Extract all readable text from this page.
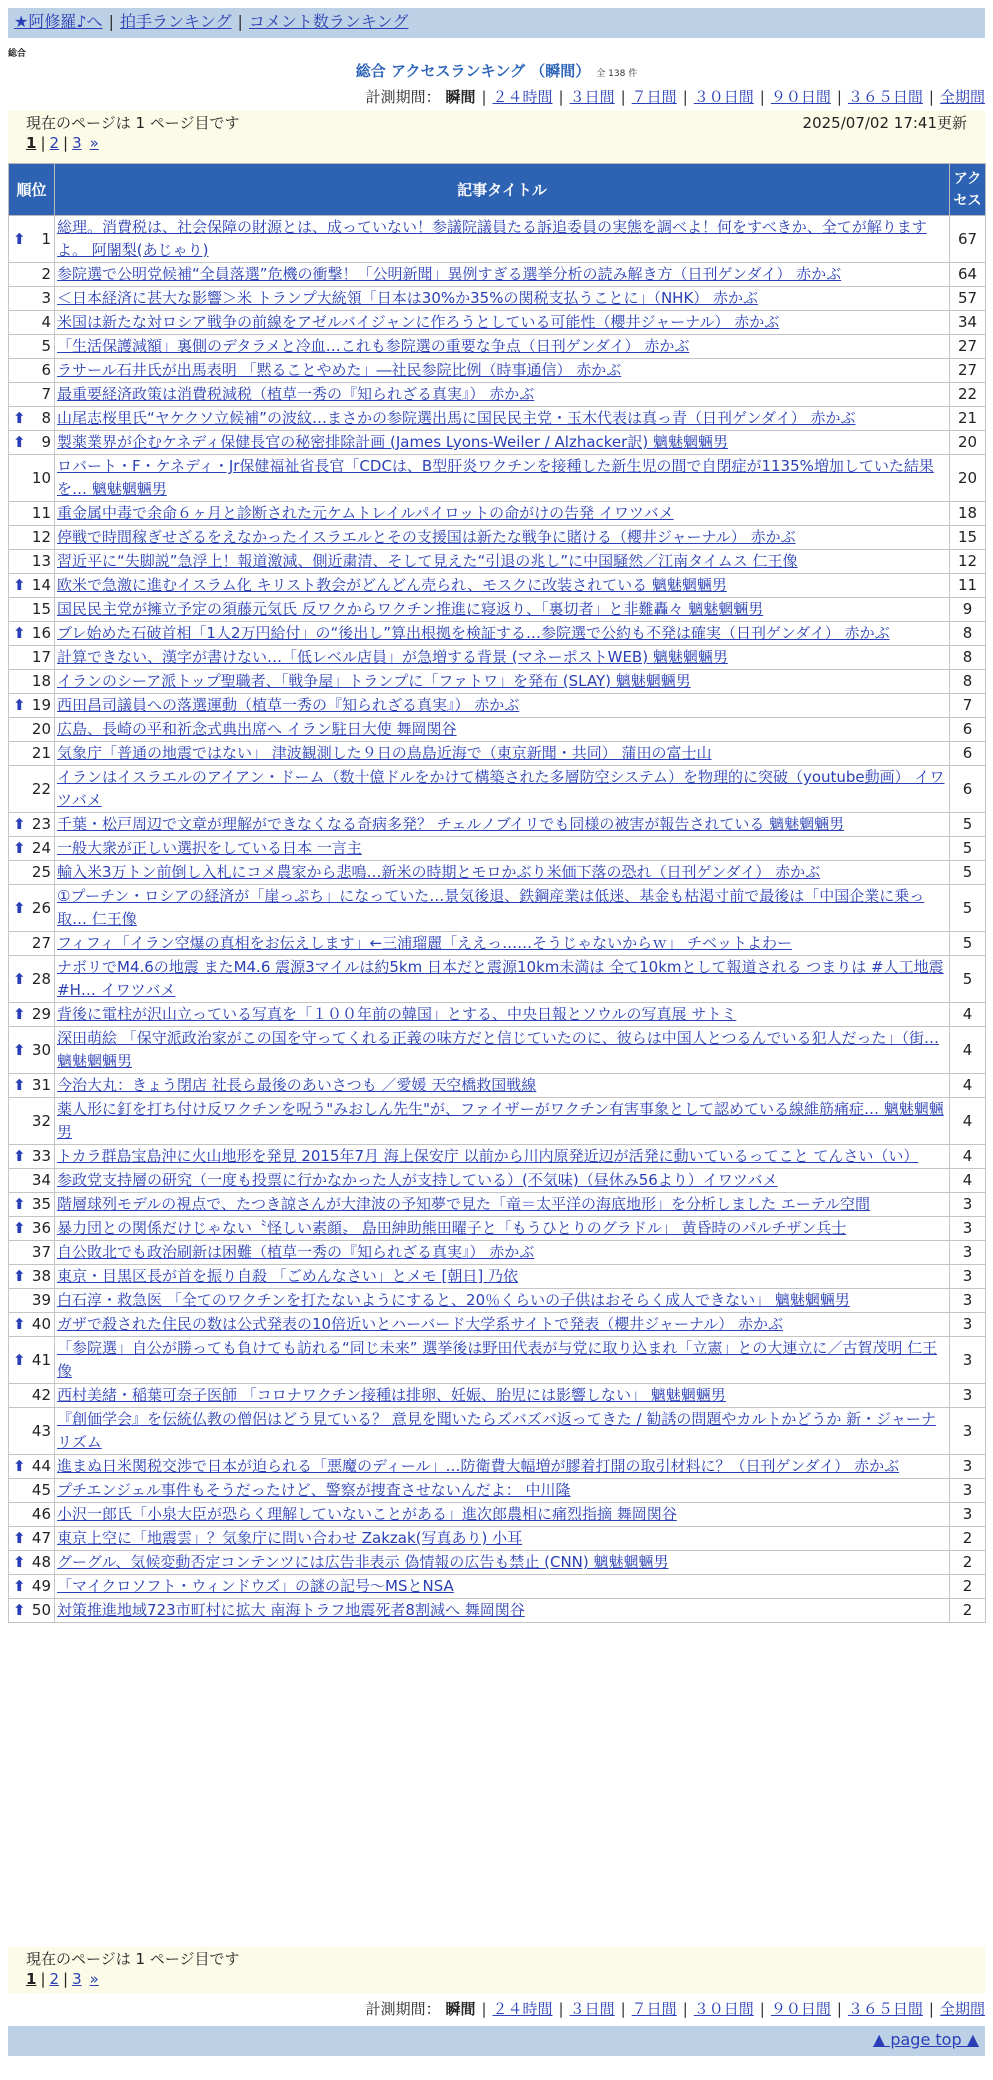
★阿修羅♪へ | 拍手ランキング | コメント数ランキング
総合
総合 アクセスランキング （瞬間） 全 138 件
計測期間： 瞬間 | ２４時間 | ３日間 | ７日間 | ３０日間 | ９０日間 | ３６５日間 | 全期間
現在のページは 1 ページ目です	2025/07/02 17:41更新
1 | 2 | 3 »
順位	記事タイトル	アクセス

⬆ 1	総理。消費税は、社会保障の財源とは、成っていない！参議院議員たる訴追委員の実態を調べよ！何をすべきか、全てが解りますよ。 阿闍梨(あじゃり)	67
2	参院選で公明党候補“全員落選”危機の衝撃！「公明新聞」異例すぎる選挙分析の読み解き方（日刊ゲンダイ） 赤かぶ	64
3	＜日本経済に甚大な影響＞米 トランプ大統領「日本は30%か35%の関税支払うことに」（NHK） 赤かぶ	57
4	米国は新たな対ロシア戦争の前線をアゼルバイジャンに作ろうとしている可能性（櫻井ジャーナル） 赤かぶ	34
5	「生活保護減額」裏側のデタラメと冷血…これも参院選の重要な争点（日刊ゲンダイ） 赤かぶ	27
6	ラサール石井氏が出馬表明 「黙ることやめた」―社民参院比例（時事通信） 赤かぶ	27
7	最重要経済政策は消費税減税（植草一秀の『知られざる真実』） 赤かぶ	22

⬆ 8	山尾志桜里氏“ヤケクソ立候補”の波紋…まさかの参院選出馬に国民民主党・玉木代表は真っ青（日刊ゲンダイ） 赤かぶ	21

⬆ 9	製薬業界が企むケネディ保健長官の秘密排除計画 (James Lyons-Weiler / Alzhacker訳) 魑魅魍魎男	20
10	ロバート・F・ケネディ・Jr保健福祉省長官「CDCは、B型肝炎ワクチンを接種した新生児の間で自閉症が1135%増加していた結果を… 魑魅魍魎男	20
11	重金属中毒で余命６ヶ月と診断された元ケムトレイルパイロットの命がけの告発 イワツバメ	18
12	停戦で時間稼ぎせざるをえなかったイスラエルとその支援国は新たな戦争に賭ける（櫻井ジャーナル） 赤かぶ	15
13	習近平に“失脚説”急浮上！報道激減、側近粛清、そして見えた“引退の兆し”に中国騒然／江南タイムス 仁王像	12

⬆ 14	欧米で急激に進むイスラム化 キリスト教会がどんどん売られ、モスクに改装されている 魑魅魍魎男	11
15	国民民主党が擁立予定の須藤元気氏 反ワクからワクチン推進に寝返り、「裏切者」と非難轟々 魑魅魍魎男	9

⬆ 16	ブレ始めた石破首相「1人2万円給付」の“後出し”算出根拠を検証する…参院選で公約も不発は確実（日刊ゲンダイ） 赤かぶ	8
17	計算できない、漢字が書けない…「低レベル店員」が急増する背景 (マネーポストWEB) 魑魅魍魎男	8
18	イランのシーア派トップ聖職者、「戦争屋」トランプに「ファトワ」を発布 (SLAY) 魑魅魍魎男	8

⬆ 19	西田昌司議員への落選運動（植草一秀の『知られざる真実』） 赤かぶ	7
20	広島、長崎の平和祈念式典出席へ イラン駐日大使 舞岡関谷	6
21	気象庁「普通の地震ではない」 津波観測した９日の鳥島近海で（東京新聞・共同） 蒲田の富士山	6
22	イランはイスラエルのアイアン・ドーム（数十億ドルをかけて構築された多層防空システム）を物理的に突破（youtube動画） イワツバメ	6

⬆ 23	千葉・松戸周辺で文章が理解ができなくなる奇病多発？ チェルノブイリでも同様の被害が報告されている 魑魅魍魎男	5

⬆ 24	一般大衆が正しい選択をしている日本 一言主	5
25	輸入米3万トン前倒し入札にコメ農家から悲鳴…新米の時期とモロかぶり米価下落の恐れ（日刊ゲンダイ） 赤かぶ	5

⬆ 26	①プーチン・ロシアの経済が「崖っぷち」になっていた…景気後退、鉄鋼産業は低迷、基金も枯渇寸前で最後は「中国企業に乗っ取… 仁王像	5
27	フィフィ「イラン空爆の真相をお伝えします」←三浦瑠麗「ええっ……そうじゃないからｗ」 チベットよわー	5

⬆ 28	ナボリでM4.6の地震 またM4.6 震源3マイルは約5km 日本だと震源10km未満は 全て10kmとして報道される つまりは #人工地震 #H… イワツバメ	5

⬆ 29	背後に電柱が沢山立っている写真を「１００年前の韓国」とする、中央日報とソウルの写真展 サトミ	4

⬆ 30	深田萌絵 「保守派政治家がこの国を守ってくれる正義の味方だと信じていたのに、彼らは中国人とつるんでいる犯人だった」（街… 魑魅魍魎男	4

⬆ 31	今治大丸：きょう閉店 社長ら最後のあいさつも ／愛媛 天空橋救国戦線	4
32	薬人形に釘を打ち付け反ワクチンを呪う"みおしん先生"が、ファイザーがワクチン有害事象として認めている線維筋痛症… 魑魅魍魎男	4

⬆ 33	トカラ群島宝島沖に火山地形を発見 2015年7月 海上保安庁 以前から川内原発近辺が活発に動いているってこと てんさい（い）	4
34	参政党支持層の研究（一度も投票に行かなかった人が支持している）(不気味)（昼休み56より）イワツバメ	4

⬆ 35	階層球列モデルの視点で、たつき諒さんが大津波の予知夢で見た「竜＝太平洋の海底地形」を分析しました エーテル空間	3

⬆ 36	暴力団との関係だけじゃない〝怪しい素顔〟 島田紳助熊田曜子と「もうひとりのグラドル」 黄昏時のパルチザン兵士	3
37	自公敗北でも政治刷新は困難（植草一秀の『知られざる真実』） 赤かぶ	3

⬆ 38	東京・目黒区長が首を振り自殺 「ごめんなさい」とメモ [朝日] 乃依	3
39	白石淳・救急医 「全てのワクチンを打たないようにすると、20％くらいの子供はおそらく成人できない」 魑魅魍魎男	3

⬆ 40	ガザで殺された住民の数は公式発表の10倍近いとハーバード大学系サイトで発表（櫻井ジャーナル） 赤かぶ	3

⬆ 41	「参院選」自公が勝っても負けても訪れる“同じ未来” 選挙後は野田代表が与党に取り込まれ「立憲」との大連立に／古賀茂明 仁王像	3
42	西村美緒・稲葉可奈子医師 「コロナワクチン接種は排卵、妊娠、胎児には影響しない」 魑魅魍魎男	3
43	『創価学会』を伝統仏教の僧侶はどう見ている？ 意見を聞いたらズバズバ返ってきた / 勧誘の問題やカルトかどうか 新・ジャーナリズム	3

⬆ 44	進まぬ日米関税交渉で日本が迫られる「悪魔のディール」…防衛費大幅増が膠着打開の取引材料に？（日刊ゲンダイ） 赤かぶ	3
45	プチエンジェル事件もそうだったけど、警察が捜査させないんだよ： 中川隆	3
46	小沢一郎氏「小泉大臣が恐らく理解していないことがある」進次郎農相に痛烈指摘 舞岡関谷	3

⬆ 47	東京上空に「地震雲」？気象庁に問い合わせ Zakzak(写真あり) 小耳	2

⬆ 48	グーグル、気候変動否定コンテンツには広告非表示 偽情報の広告も禁止 (CNN) 魑魅魍魎男	2

⬆ 49	「マイクロソフト・ウィンドウズ」の謎の記号～MSとNSA	2

⬆ 50	対策推進地域723市町村に拡大 南海トラフ地震死者8割減へ 舞岡関谷	2
現在のページは 1 ページ目です
1 | 2 | 3 »
計測期間： 瞬間 | ２４時間 | ３日間 | ７日間 | ３０日間 | ９０日間 | ３６５日間 | 全期間
▲ page top ▲
